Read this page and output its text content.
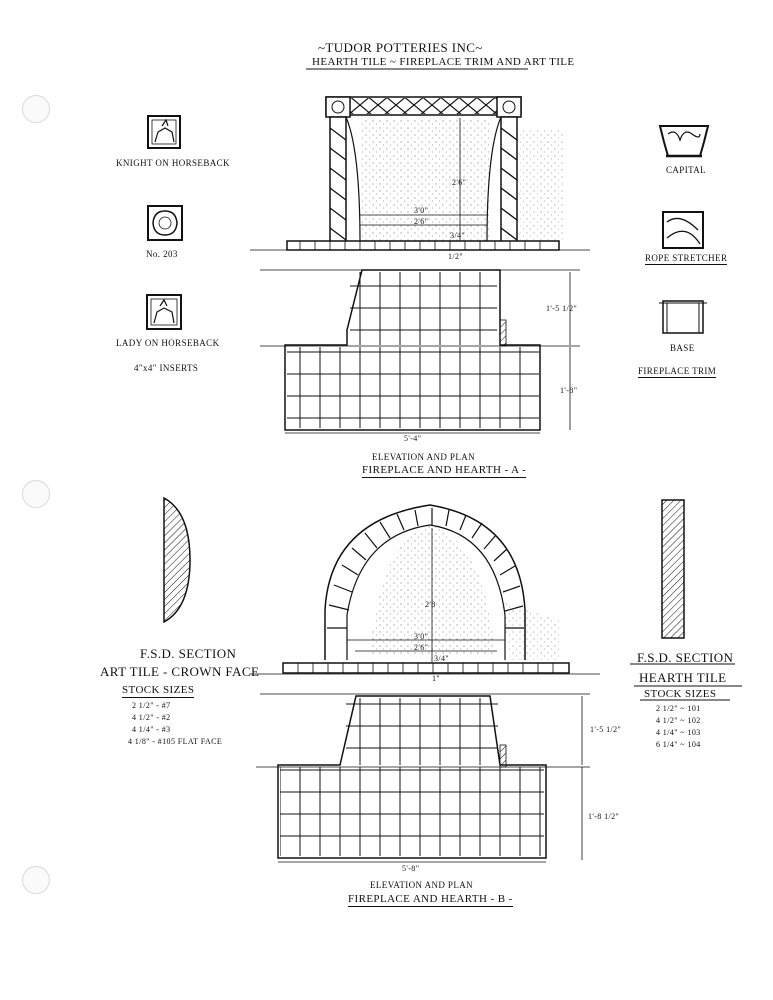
~TUDOR POTTERIES INC~
HEARTH TILE ~ FIREPLACE TRIM AND ART TILE
KNIGHT ON HORSEBACK
No. 203
LADY ON HORSEBACK
4"x4" INSERTS
CAPITAL
ROPE STRETCHER
BASE
FIREPLACE TRIM
2'6"
3'0"
2'6"
3/4"
1/2"
1'-5 1/2"
1'-8"
5'-4"
ELEVATION AND PLAN
FIREPLACE AND HEARTH - A -
2'8
3'0"
2'6"
3/4"
1"
1'-5 1/2"
1'-8 1/2"
5'-8"
ELEVATION AND PLAN
FIREPLACE AND HEARTH - B -
F.S.D. SECTION
ART TILE - CROWN FACE
STOCK SIZES
2 1/2" - #7
4 1/2" - #2
4 1/4" - #3
4 1/8" - #105 FLAT FACE
F.S.D. SECTION
HEARTH TILE
STOCK SIZES
2 1/2" ~ 101
4 1/2" ~ 102
4 1/4" ~ 103
6 1/4" ~ 104
